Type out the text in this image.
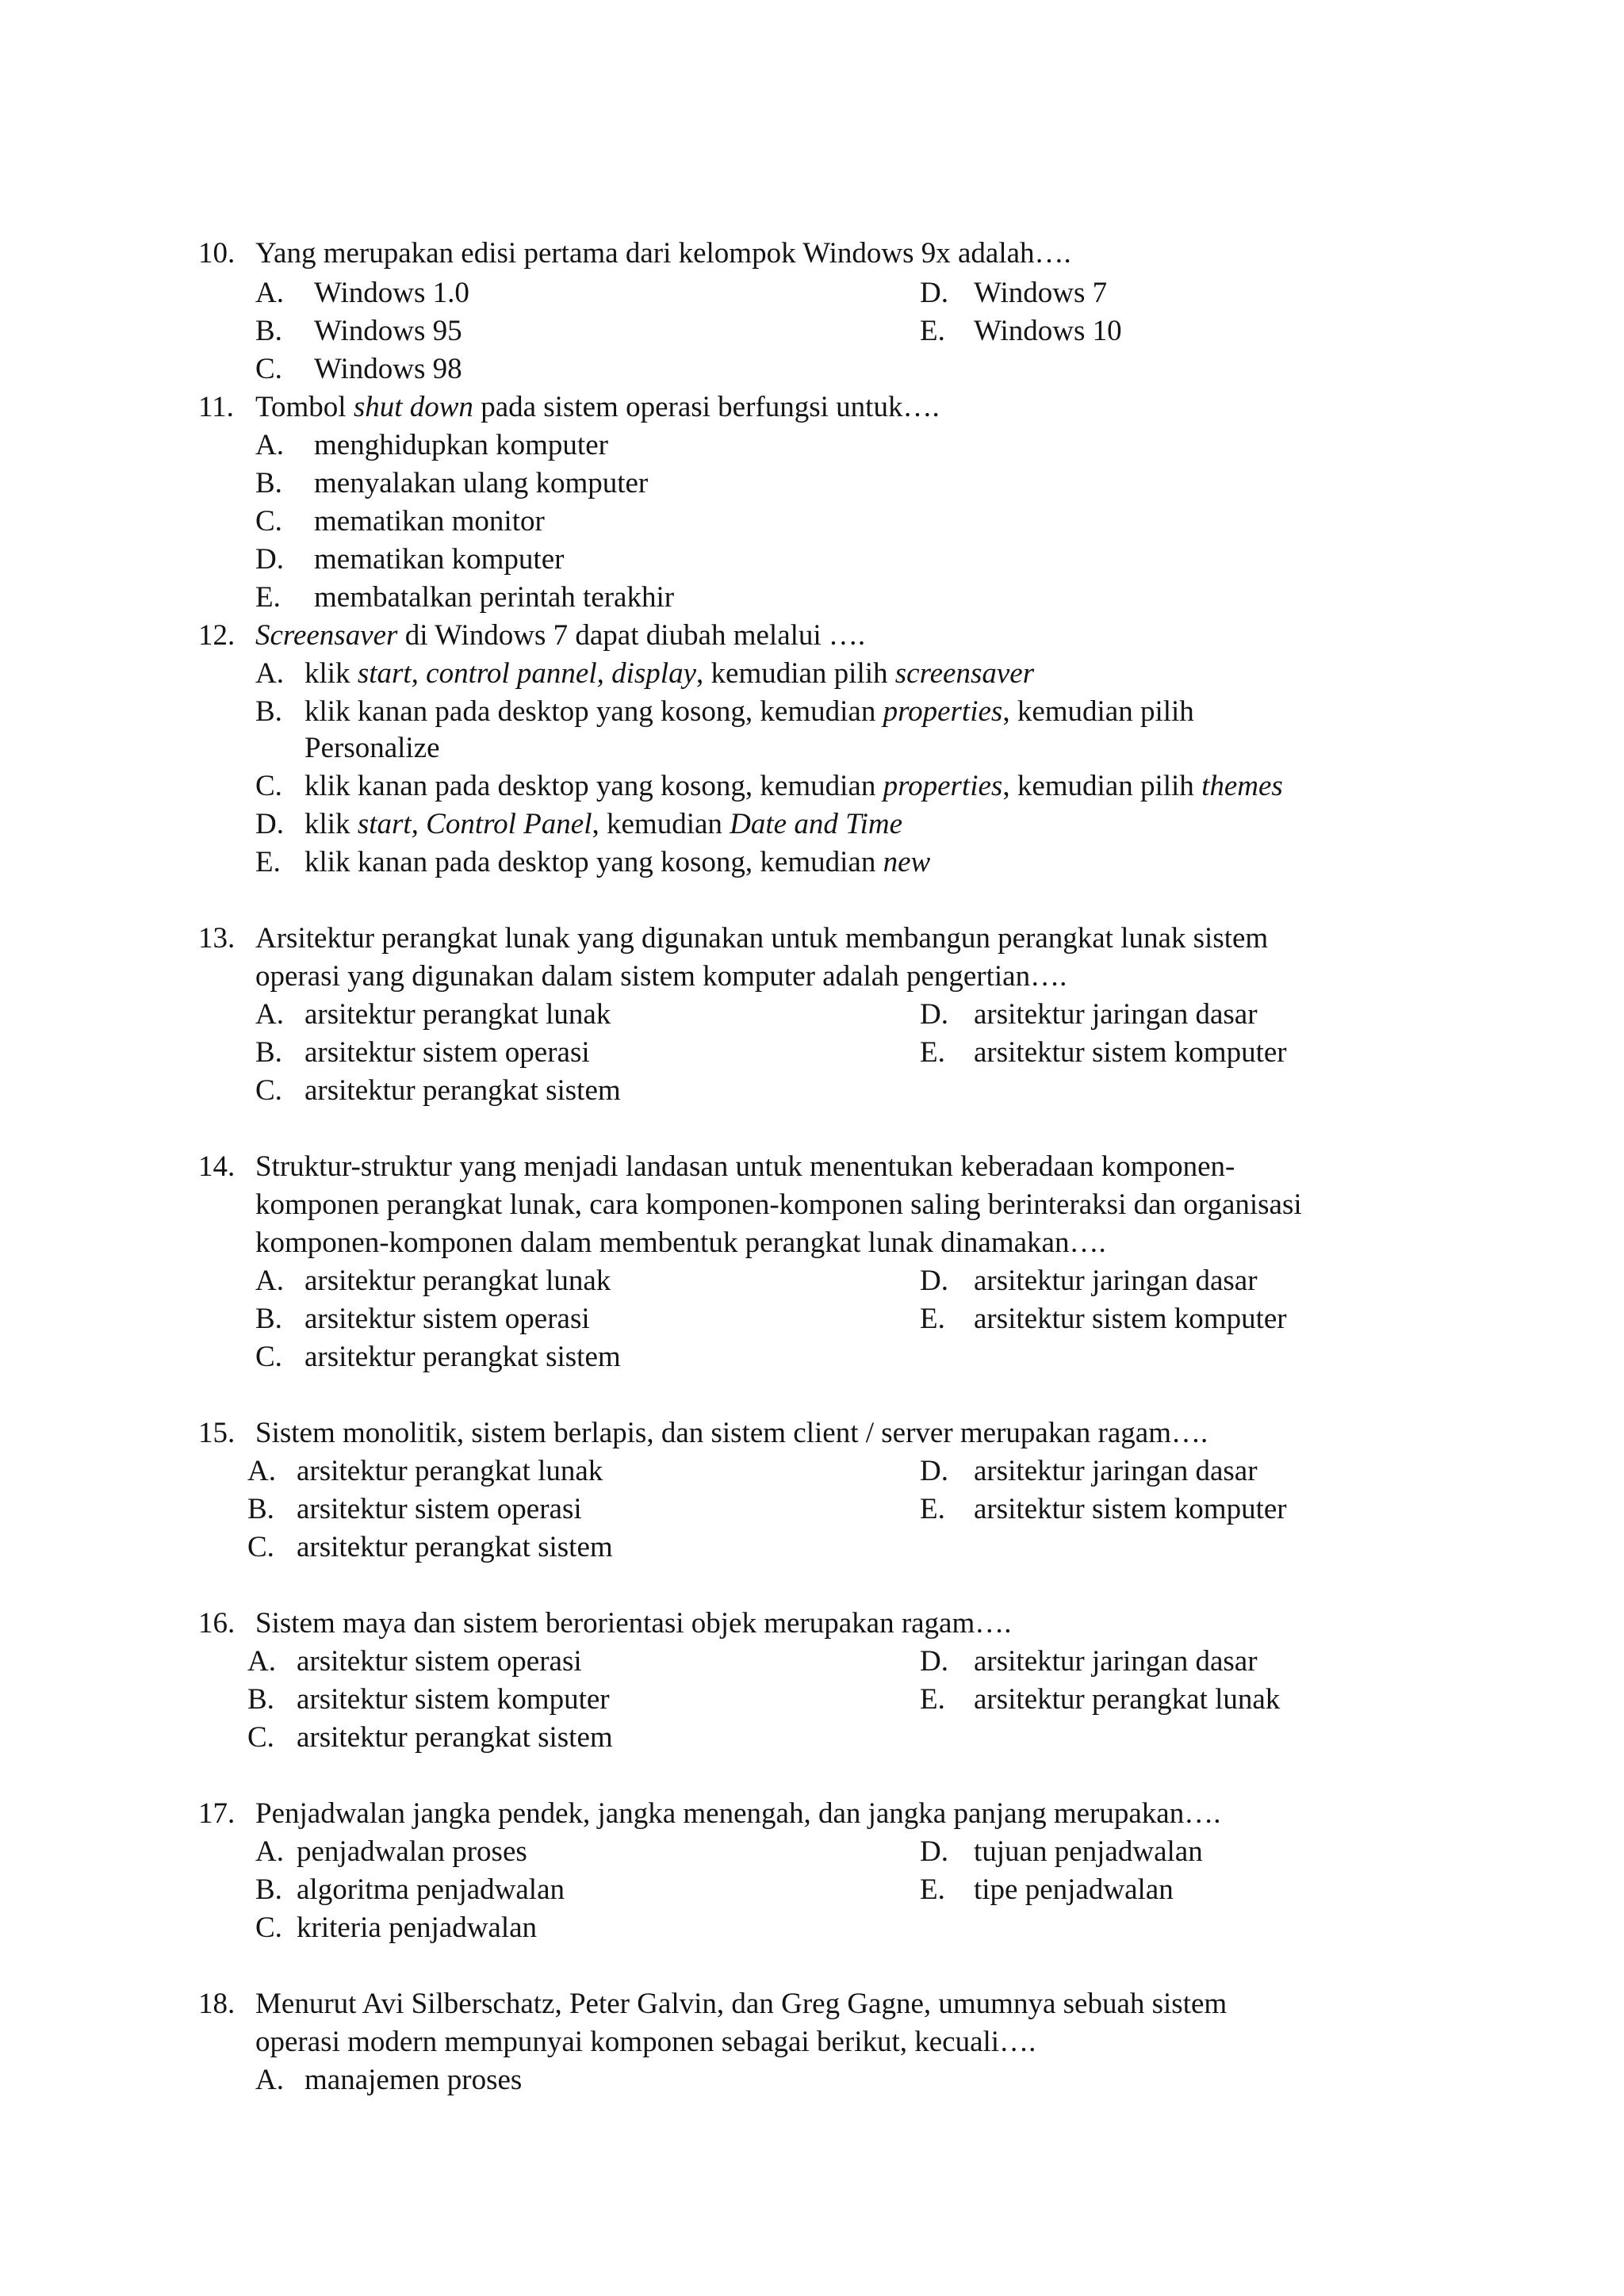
10. Yang merupakan edisi pertama dari kelompok Windows 9x adalah….
A. Windows 1.0
B. Windows 95
C. Windows 98
D. Windows 7
E. Windows 10
11. Tombol shut down pada sistem operasi berfungsi untuk….
A. menghidupkan komputer
B. menyalakan ulang komputer
C. mematikan monitor
D. mematikan komputer
E. membatalkan perintah terakhir
12. Screensaver di Windows 7 dapat diubah melalui ….
A. klik start, control pannel, display, kemudian pilih screensaver
B. klik kanan pada desktop yang kosong, kemudian properties, kemudian pilih
Personalize
C. klik kanan pada desktop yang kosong, kemudian properties, kemudian pilih themes
D. klik start, Control Panel, kemudian Date and Time
E. klik kanan pada desktop yang kosong, kemudian new
13. Arsitektur perangkat lunak yang digunakan untuk membangun perangkat lunak sistem
operasi yang digunakan dalam sistem komputer adalah pengertian….
A. arsitektur perangkat lunak
B. arsitektur sistem operasi
C. arsitektur perangkat sistem
D. arsitektur jaringan dasar
E. arsitektur sistem komputer
14. Struktur-struktur yang menjadi landasan untuk menentukan keberadaan komponen-
komponen perangkat lunak, cara komponen-komponen saling berinteraksi dan organisasi
komponen-komponen dalam membentuk perangkat lunak dinamakan….
A. arsitektur perangkat lunak
B. arsitektur sistem operasi
C. arsitektur perangkat sistem
D. arsitektur jaringan dasar
E. arsitektur sistem komputer
15. Sistem monolitik, sistem berlapis, dan sistem client / server merupakan ragam….
A. arsitektur perangkat lunak
B. arsitektur sistem operasi
C. arsitektur perangkat sistem
D. arsitektur jaringan dasar
E. arsitektur sistem komputer
16. Sistem maya dan sistem berorientasi objek merupakan ragam….
A. arsitektur sistem operasi
B. arsitektur sistem komputer
C. arsitektur perangkat sistem
D. arsitektur jaringan dasar
E. arsitektur perangkat lunak
17. Penjadwalan jangka pendek, jangka menengah, dan jangka panjang merupakan….
A. penjadwalan proses
B. algoritma penjadwalan
C. kriteria penjadwalan
D. tujuan penjadwalan
E. tipe penjadwalan
18. Menurut Avi Silberschatz, Peter Galvin, dan Greg Gagne, umumnya sebuah sistem
operasi modern mempunyai komponen sebagai berikut, kecuali….
A. manajemen proses
